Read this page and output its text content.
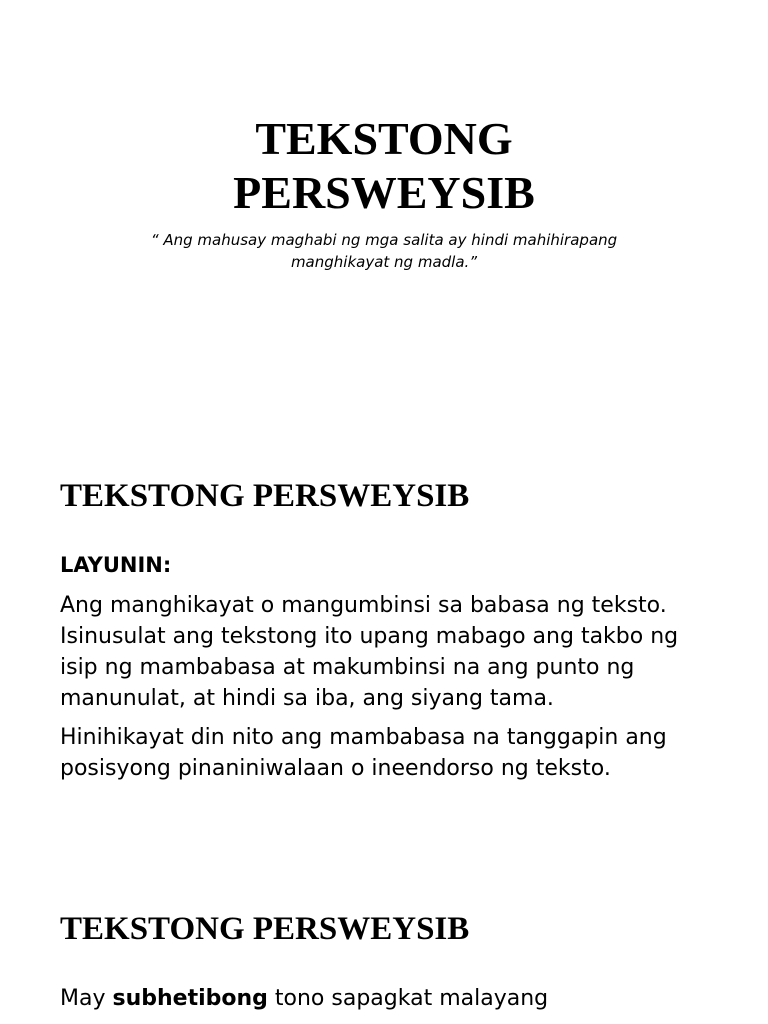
TEKSTONG
PERSWEYSIB

“ Ang mahusay maghabi ng mga salita ay hindi mahihirapang
manghikayat ng madla.”

TEKSTONG PERSWEYSIB

LAYUNIN:

Ang manghikayat o mangumbinsi sa babasa ng teksto.
Isinusulat ang tekstong ito upang mabago ang takbo ng
isip ng mambabasa at makumbinsi na ang punto ng
manunulat, at hindi sa iba, ang siyang tama.

Hinihikayat din nito ang mambabasa na tanggapin ang
posisyong pinaniniwalaan o ineendorso ng teksto.

TEKSTONG PERSWEYSIB

May subhetibong tono sapagkat malayang
